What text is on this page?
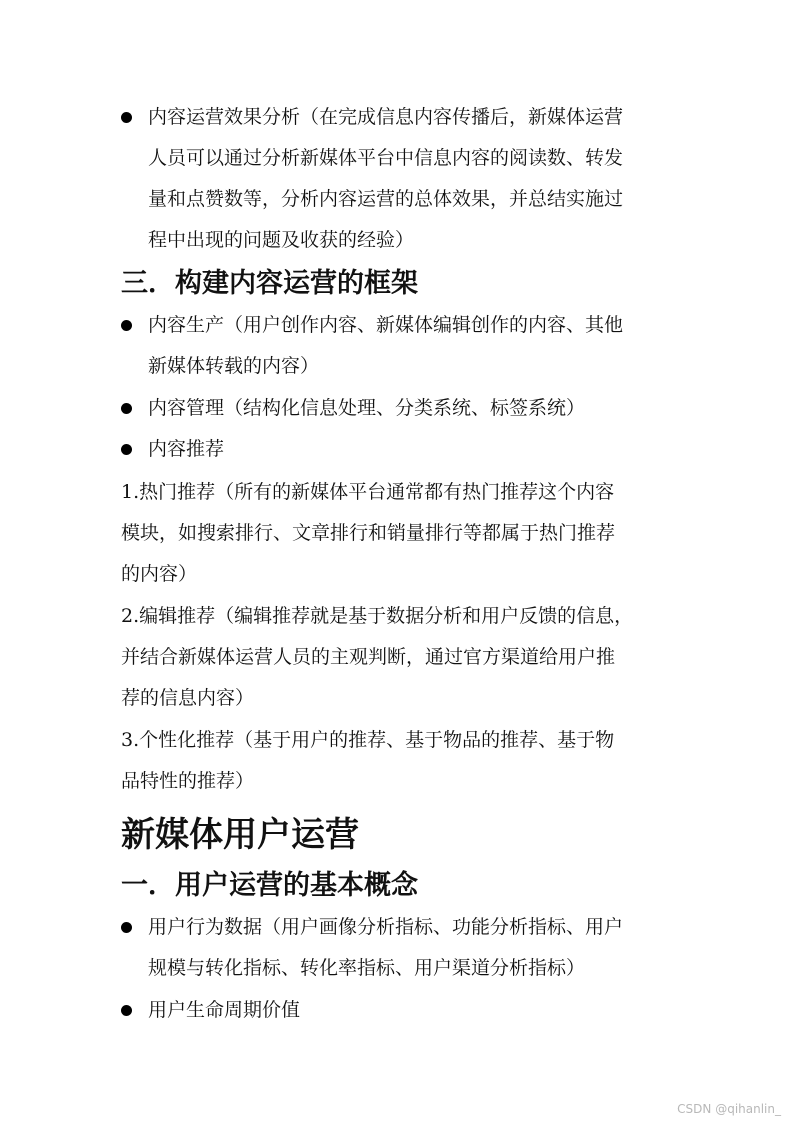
内容运营效果分析（在完成信息内容传播后，新媒体运营
人员可以通过分析新媒体平台中信息内容的阅读数、转发
量和点赞数等，分析内容运营的总体效果，并总结实施过
程中出现的问题及收获的经验）
三．构建内容运营的框架
内容生产（用户创作内容、新媒体编辑创作的内容、其他
新媒体转载的内容）
内容管理（结构化信息处理、分类系统、标签系统）
内容推荐
1.热门推荐（所有的新媒体平台通常都有热门推荐这个内容
模块，如搜索排行、文章排行和销量排行等都属于热门推荐
的内容）
2.编辑推荐（编辑推荐就是基于数据分析和用户反馈的信息，
并结合新媒体运营人员的主观判断，通过官方渠道给用户推
荐的信息内容）
3.个性化推荐（基于用户的推荐、基于物品的推荐、基于物
品特性的推荐）
新媒体用户运营
一．用户运营的基本概念
用户行为数据（用户画像分析指标、功能分析指标、用户
规模与转化指标、转化率指标、用户渠道分析指标）
用户生命周期价值
CSDN @qihanlin_
